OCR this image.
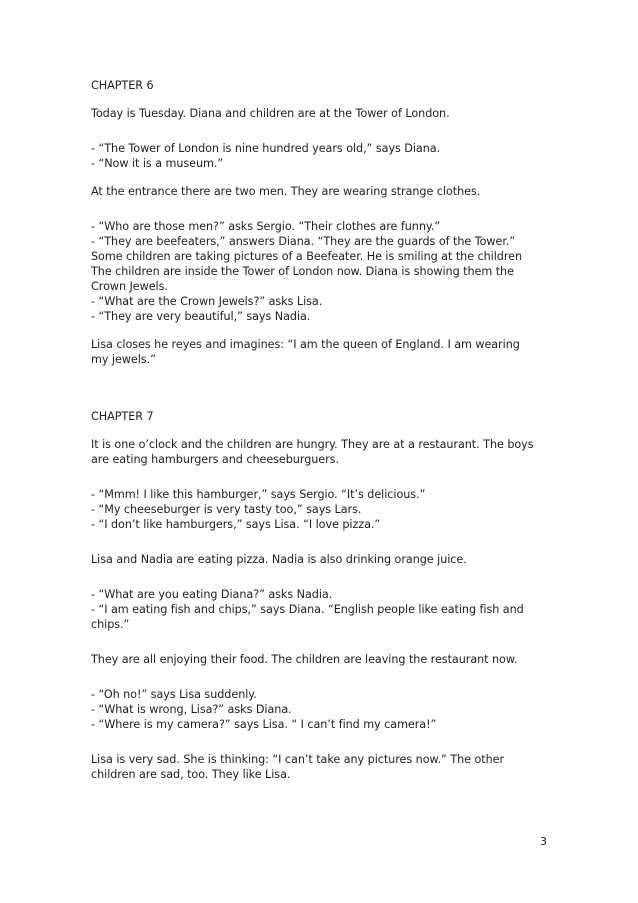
CHAPTER 6
Today is Tuesday. Diana and children are at the Tower of London.
- “The Tower of London is nine hundred years old,” says Diana.
- “Now it is a museum.”
At the entrance there are two men. They are wearing strange clothes.
- “Who are those men?” asks Sergio. “Their clothes are funny.”
- “They are beefeaters,” answers Diana. “They are the guards of the Tower.”
Some children are taking pictures of a Beefeater. He is smiling at the children
The children are inside the Tower of London now. Diana is showing them the
Crown Jewels.
- “What are the Crown Jewels?” asks Lisa.
- “They are very beautiful,” says Nadia.
Lisa closes he reyes and imagines: “I am the queen of England. I am wearing
my jewels.”
CHAPTER 7
It is one o’clock and the children are hungry. They are at a restaurant. The boys
are eating hamburgers and cheeseburguers.
- “Mmm! I like this hamburger,” says Sergio. “It’s delicious.”
- “My cheeseburger is very tasty too,” says Lars.
- “I don’t like hamburgers,” says Lisa. “I love pizza.”
Lisa and Nadia are eating pizza. Nadia is also drinking orange juice.
- “What are you eating Diana?” asks Nadia.
- “I am eating fish and chips,” says Diana. “English people like eating fish and
chips.”
They are all enjoying their food. The children are leaving the restaurant now.
- “Oh no!” says Lisa suddenly.
- “What is wrong, Lisa?” asks Diana.
- “Where is my camera?” says Lisa. “ I can’t find my camera!”
Lisa is very sad. She is thinking: “I can’t take any pictures now.” The other
children are sad, too. They like Lisa.
3
